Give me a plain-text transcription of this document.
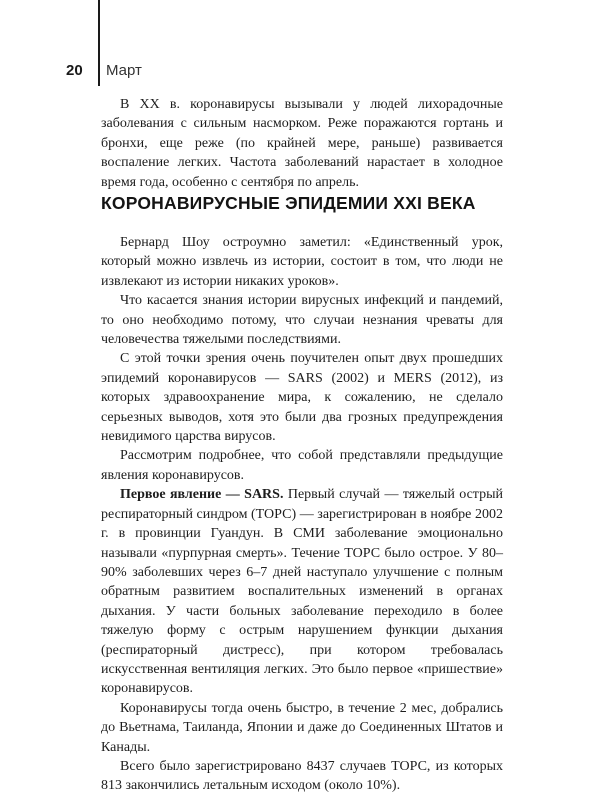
20 Март

В XX в. коронавирусы вызывали у людей лихорадочные заболевания с сильным насморком. Реже поражаются гортань и бронхи, еще реже (по крайней мере, раньше) развивается воспаление легких. Частота заболеваний нарастает в холодное время года, особенно с сентября по апрель.

КОРОНАВИРУСНЫЕ ЭПИДЕМИИ XXI ВЕКА

Бернард Шоу остроумно заметил: «Единственный урок, который можно извлечь из истории, состоит в том, что люди не извлекают из истории никаких уроков».

Что касается знания истории вирусных инфекций и пандемий, то оно необходимо потому, что случаи незнания чреваты для человечества тяжелыми последствиями.

С этой точки зрения очень поучителен опыт двух прошедших эпидемий коронавирусов — SARS (2002) и MERS (2012), из которых здравоохранение мира, к сожалению, не сделало серьезных выводов, хотя это были два грозных предупреждения невидимого царства вирусов.

Рассмотрим подробнее, что собой представляли предыдущие явления коронавирусов.

Первое явление — SARS. Первый случай — тяжелый острый респираторный синдром (ТОРС) — зарегистрирован в ноябре 2002 г. в провинции Гуандун. В СМИ заболевание эмоционально называли «пурпурная смерть». Течение ТОРС было острое. У 80–90% заболевших через 6–7 дней наступало улучшение с полным обратным развитием воспалительных изменений в органах дыхания. У части больных заболевание переходило в более тяжелую форму с острым нарушением функции дыхания (респираторный дистресс), при котором требовалась искусственная вентиляция легких. Это было первое «пришествие» коронавирусов.

Коронавирусы тогда очень быстро, в течение 2 мес, добрались до Вьетнама, Таиланда, Японии и даже до Соединенных Штатов и Канады.

Всего было зарегистрировано 8437 случаев ТОРС, из которых 813 закончились летальным исходом (около 10%).
